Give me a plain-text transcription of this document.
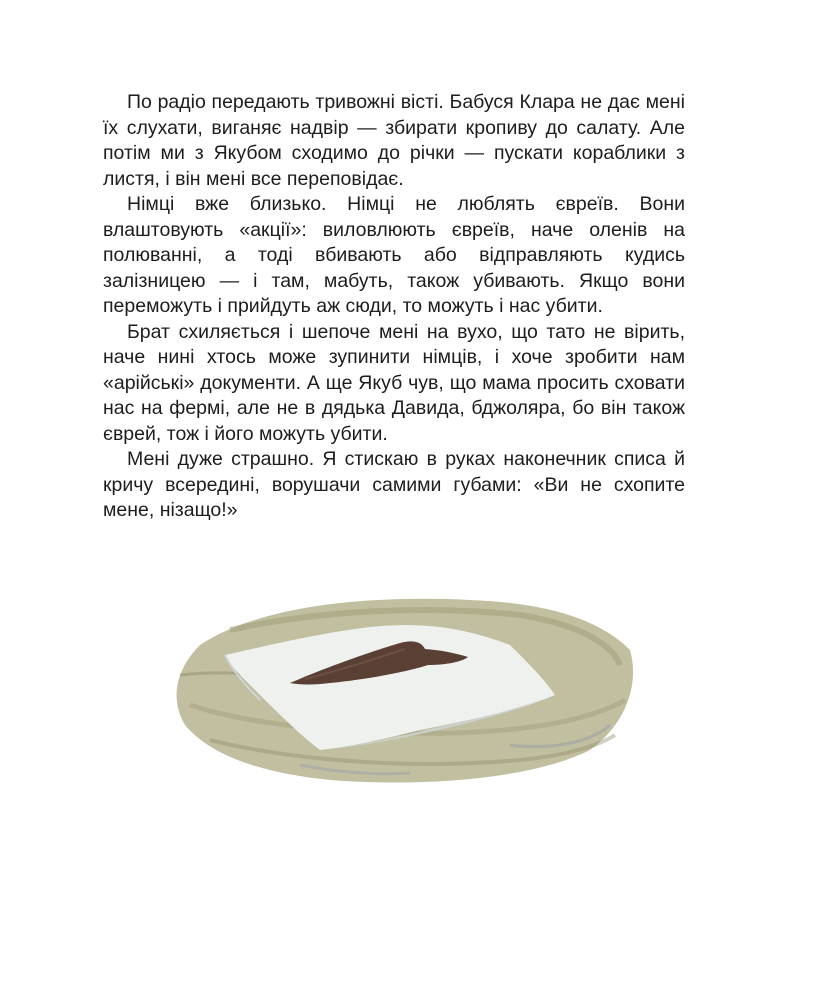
По радіо передають тривожні вісті. Бабуся Клара не дає мені їх слухати, виганяє надвір — збирати кропиву до салату. Але потім ми з Якубом сходимо до річки — пускати кораблики з листя, і він мені все переповідає.

Німці вже близько. Німці не люблять євреїв. Вони влаштовують «акції»: виловлюють євреїв, наче оленів на полюванні, а тоді вбивають або відправляють кудись залізницею — і там, мабуть, також убивають. Якщо вони переможуть і прийдуть аж сюди, то можуть і нас убити.

Брат схиляється і шепоче мені на вухо, що тато не вірить, наче нині хтось може зупинити німців, і хоче зробити нам «арійські» документи. А ще Якуб чув, що мама просить сховати нас на фермі, але не в дядька Давида, бджоляра, бо він також єврей, тож і його можуть убити.

Мені дуже страшно. Я стискаю в руках наконечник списа й кричу всередині, ворушачи самими губами: «Ви не схопите мене, нізащо!»
